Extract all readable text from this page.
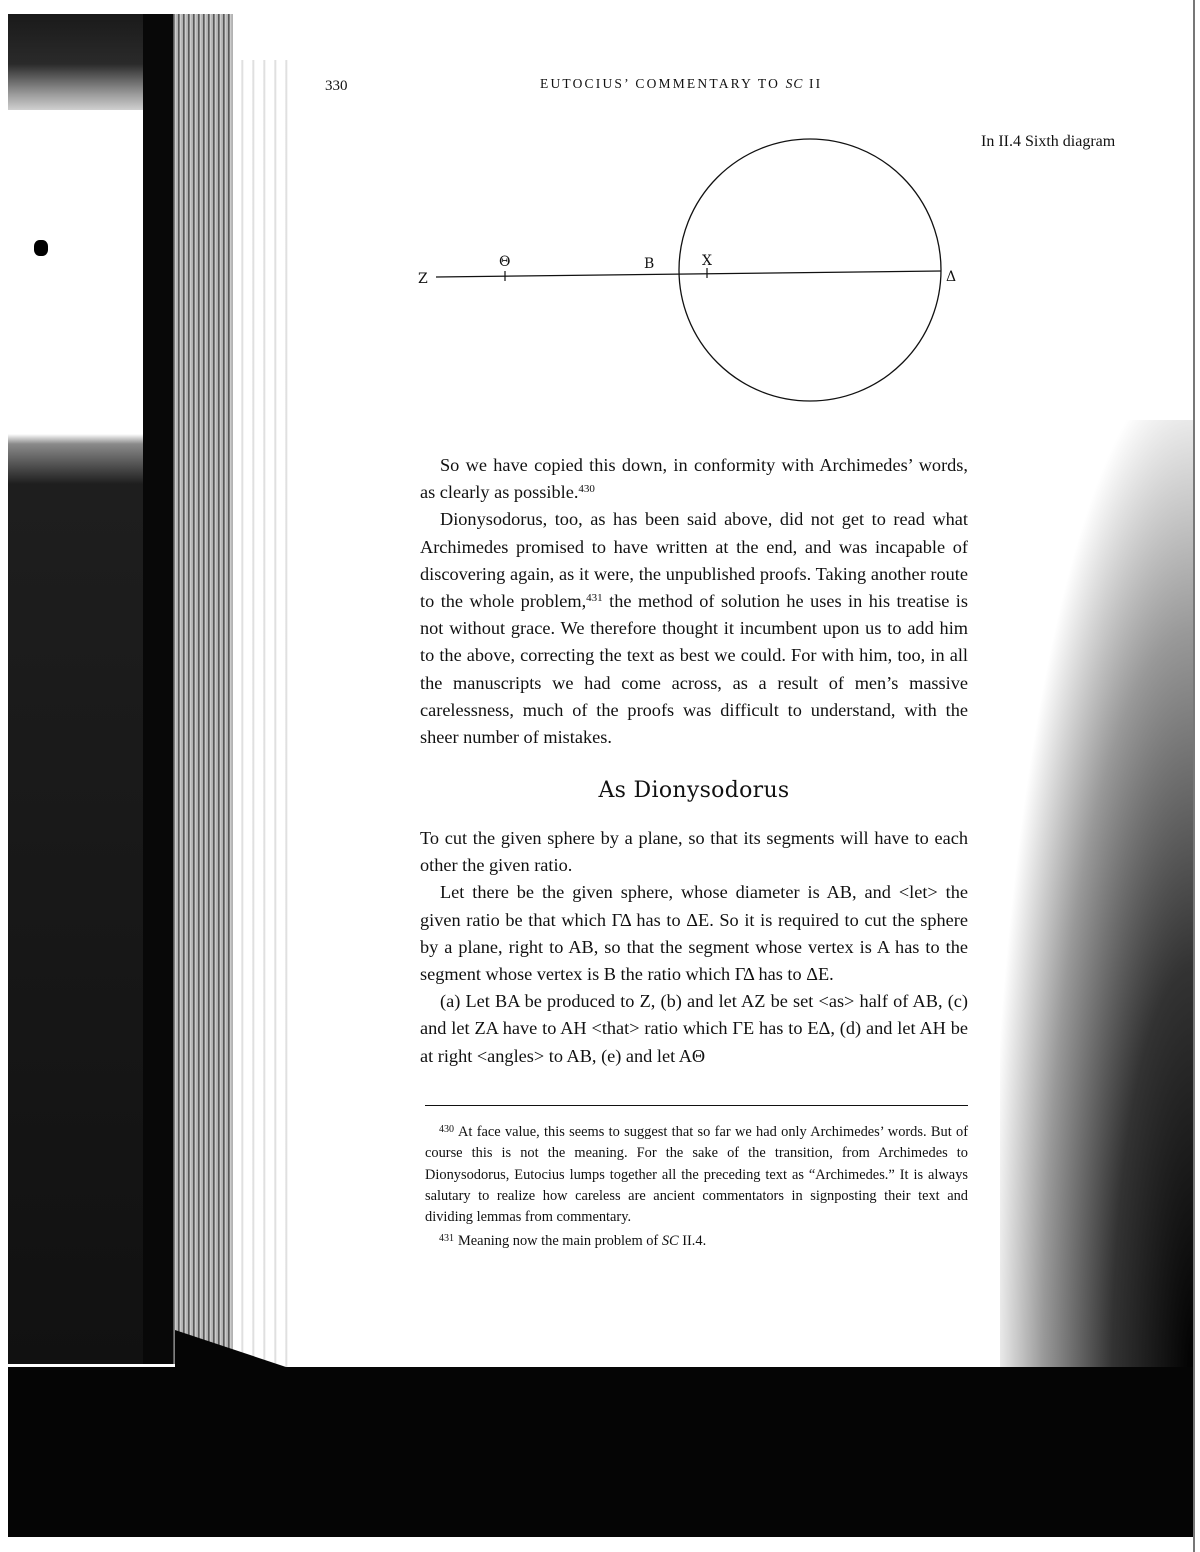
330	EUTOCIUS’ COMMENTARY TO SC II
In II.4 Sixth diagram
Z
Θ	B	X
Δ

So we have copied this down, in conformity with Archimedes’ words, as clearly as possible.$^{430}$

Dionysodorus, too, as has been said above, did not get to read what Archimedes promised to have written at the end, and was incapable of discovering again, as it were, the unpublished proofs. Taking another route to the whole problem,$^{431}$ the method of solution he uses in his treatise is not without grace. We therefore thought it incumbent upon us to add him to the above, correcting the text as best we could. For with him, too, in all the manuscripts we had come across, as a result of men’s massive carelessness, much of the proofs was difficult to understand, with the sheer number of mistakes.

As Dionysodorus

To cut the given sphere by a plane, so that its segments will have to each other the given ratio.

Let there be the given sphere, whose diameter is AB, and <let> the given ratio be that which ΓΔ has to ΔE. So it is required to cut the sphere by a plane, right to AB, so that the segment whose vertex is A has to the segment whose vertex is B the ratio which ΓΔ has to ΔE.

(a) Let BA be produced to Z, (b) and let AZ be set <as> half of AB, (c) and let ZA have to AH <that> ratio which ΓE has to EΔ, (d) and let AH be at right <angles> to AB, (e) and let AΘ

$^{430}$ At face value, this seems to suggest that so far we had only Archimedes’ words. But of course this is not the meaning. For the sake of the transition, from Archimedes to Dionysodorus, Eutocius lumps together all the preceding text as “Archimedes.” It is always salutary to realize how careless are ancient commentators in signposting their text and dividing lemmas from commentary.

$^{431}$ Meaning now the main problem of SC II.4.
